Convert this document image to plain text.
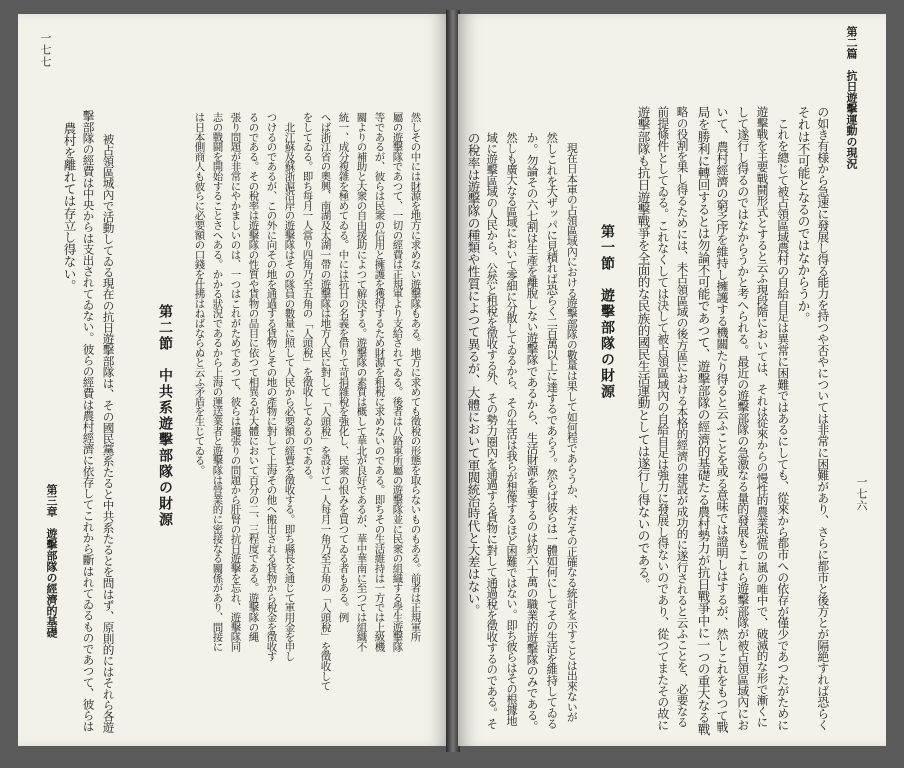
一七七
農村を離れては存立し得ない。 擊部隊の經費は中央からは支出されてゐない。彼らの經費は農村經濟に依存してこれから斷はれてゐるものであつて、彼らは 　被占領區城內で活動してゐる現在の抗日遊擊部隊は、その國民黨系たると中共系たるとを問はず、原則的にはそれら各遊
第三章　遊擊部隊の經濟的基礎
第二節　中共系遊擊部隊の財源 は日本側商人も彼らに必要額の口錢を仕拂はねばならぬと云ふ矛盾を生じてゐる。 志の戰鬪を開始することさへある。かかる狀況であるから上海の運送業者と遊擊隊は營業的に密接なる關係があり、間接に 張り問題が非常にやかましいのは、一つはこれがためであつて、彼らは繩張りの問題から肝腎の抗日遊擊を忘れ、遊擊隊同 るのである。その稅率は遊擊隊の性質や貨物の品目に依つて相異るが大體において百分の二、三程度である。遊擊隊の縄 つけるのであるが、この外に向その地を通過する貨物とその地の產物に對して上海その他へ搬出される貨物から稅金を徵收す 　北江蘇及蘇浙滬沿岸の遊擊隊はその隊員の數量に照して人民から必要額の經費を徵收する。即ち縣長を通じて軍用金を申し をしてゐる。即ち每月一人當り四角乃至五角の「人頭稅」を徵收してゐるのである。 へば浙江省の奧興、南湖及太湖一帶の遊擊隊は地方人民に對して「人頭稅」を設けて一人每月一角乃至五角の「人頭稅」を徵收して 統一、成分複雜を極めてゐる。中には抗日の名義を借りて苛捐雜稅を強化し、民衆の恨みを買つてゐる者もある。例 關よりの補助と大衆の自由援助によつて解決する。遊擊隊の素質は概して華北が良好であるが、華中華南に至つては組織不 等であるが、彼らは民衆の信用と擁護を獲得するため財源を租稅に求めないのである。即ちその生活維持は一方では上級機 屬の遊擊隊であつて、一切の經費は正規軍より支給されてゐる。後者は八路軍所屬の遊擊隊並に民衆の組織する學生遊擊隊 然しその中には財源を地方に求めない遊擊隊もある。地方に求めても徵稅の形態を取らないものもある。前者は正規軍所	の稅率は遊擊隊の種類や性質によつて異るが、大體において軍閥統治時代と大差はない。 域に遊擊區域の人民から、公然と租稅を徵收する外、その勢力圈內を通過する貨物に對して通過稅を徵收するのである。そ 然しも廣大なる區域において零細に分散してゐるから、その生活は我らが想像するほど困難ではない。即ち彼らはその根據地 か。勿論その六七割は生產を離脫しない遊擊隊であるから、生活財源を要するのは約六十萬の職業的遊擊隊のみである。 然しこれを大ザッパに見積れば恐らく二百萬以上に達するであらう。然らば彼らは一體如何にしてその生活を維持してゐる 　現在日本軍の占領區域內における遊擊部隊の數量は果して如何程であらうか、未だその正確なる統計を示すことは出來ないが 第一節　遊擊部隊の財源 遊擊部隊も抗日遊擊戰爭を全面的な民族的國民生活運動としては遂行し得ないのである。 前提條件としてゐる。これなくしては決して被占領區域內の自給自足は強力に發展し得ないのであり、從つてまたその故に 略の役割を果し得るためには、未占領區域の後方區における本格的經濟の建設が成功的に遂行されると云ふことを、必要なる 局を勝利に轉回するとは勿論不可能であつて、遊擊部隊の經濟的基礎たる農村勢力が抗日戰爭中に一つの重大なる戰 いて、農村經濟の窮乏序を維持し擁護する機關たり得ると云ふことを或る意味では證明しはするが、然しこれをもつて戰 して遂行し得るのではなからうかと考へられる。最近の遊擊部隊の急激なる量的發展もこれら遊擊部隊が被占領區域內にお 遊擊戰を主要戰鬪形式とすると云ふ現段階においては、それは從來からの慢性的農業恐慌の嵐の唯中で、破滅的な形で漸くに 　これを總じて被占領區域農村の自給自足は異常に困難ではあるにしても、從來から都市への依存が僅少であつたがために それは不可能となるのではなからうか。 の如き有様から急速に發展し得る能力を持つや否やについては非常に困難があり、さらに都市と後方とが隔絶すれば恐らく
第二篇　抗日遊擊運動の現況
一七六
